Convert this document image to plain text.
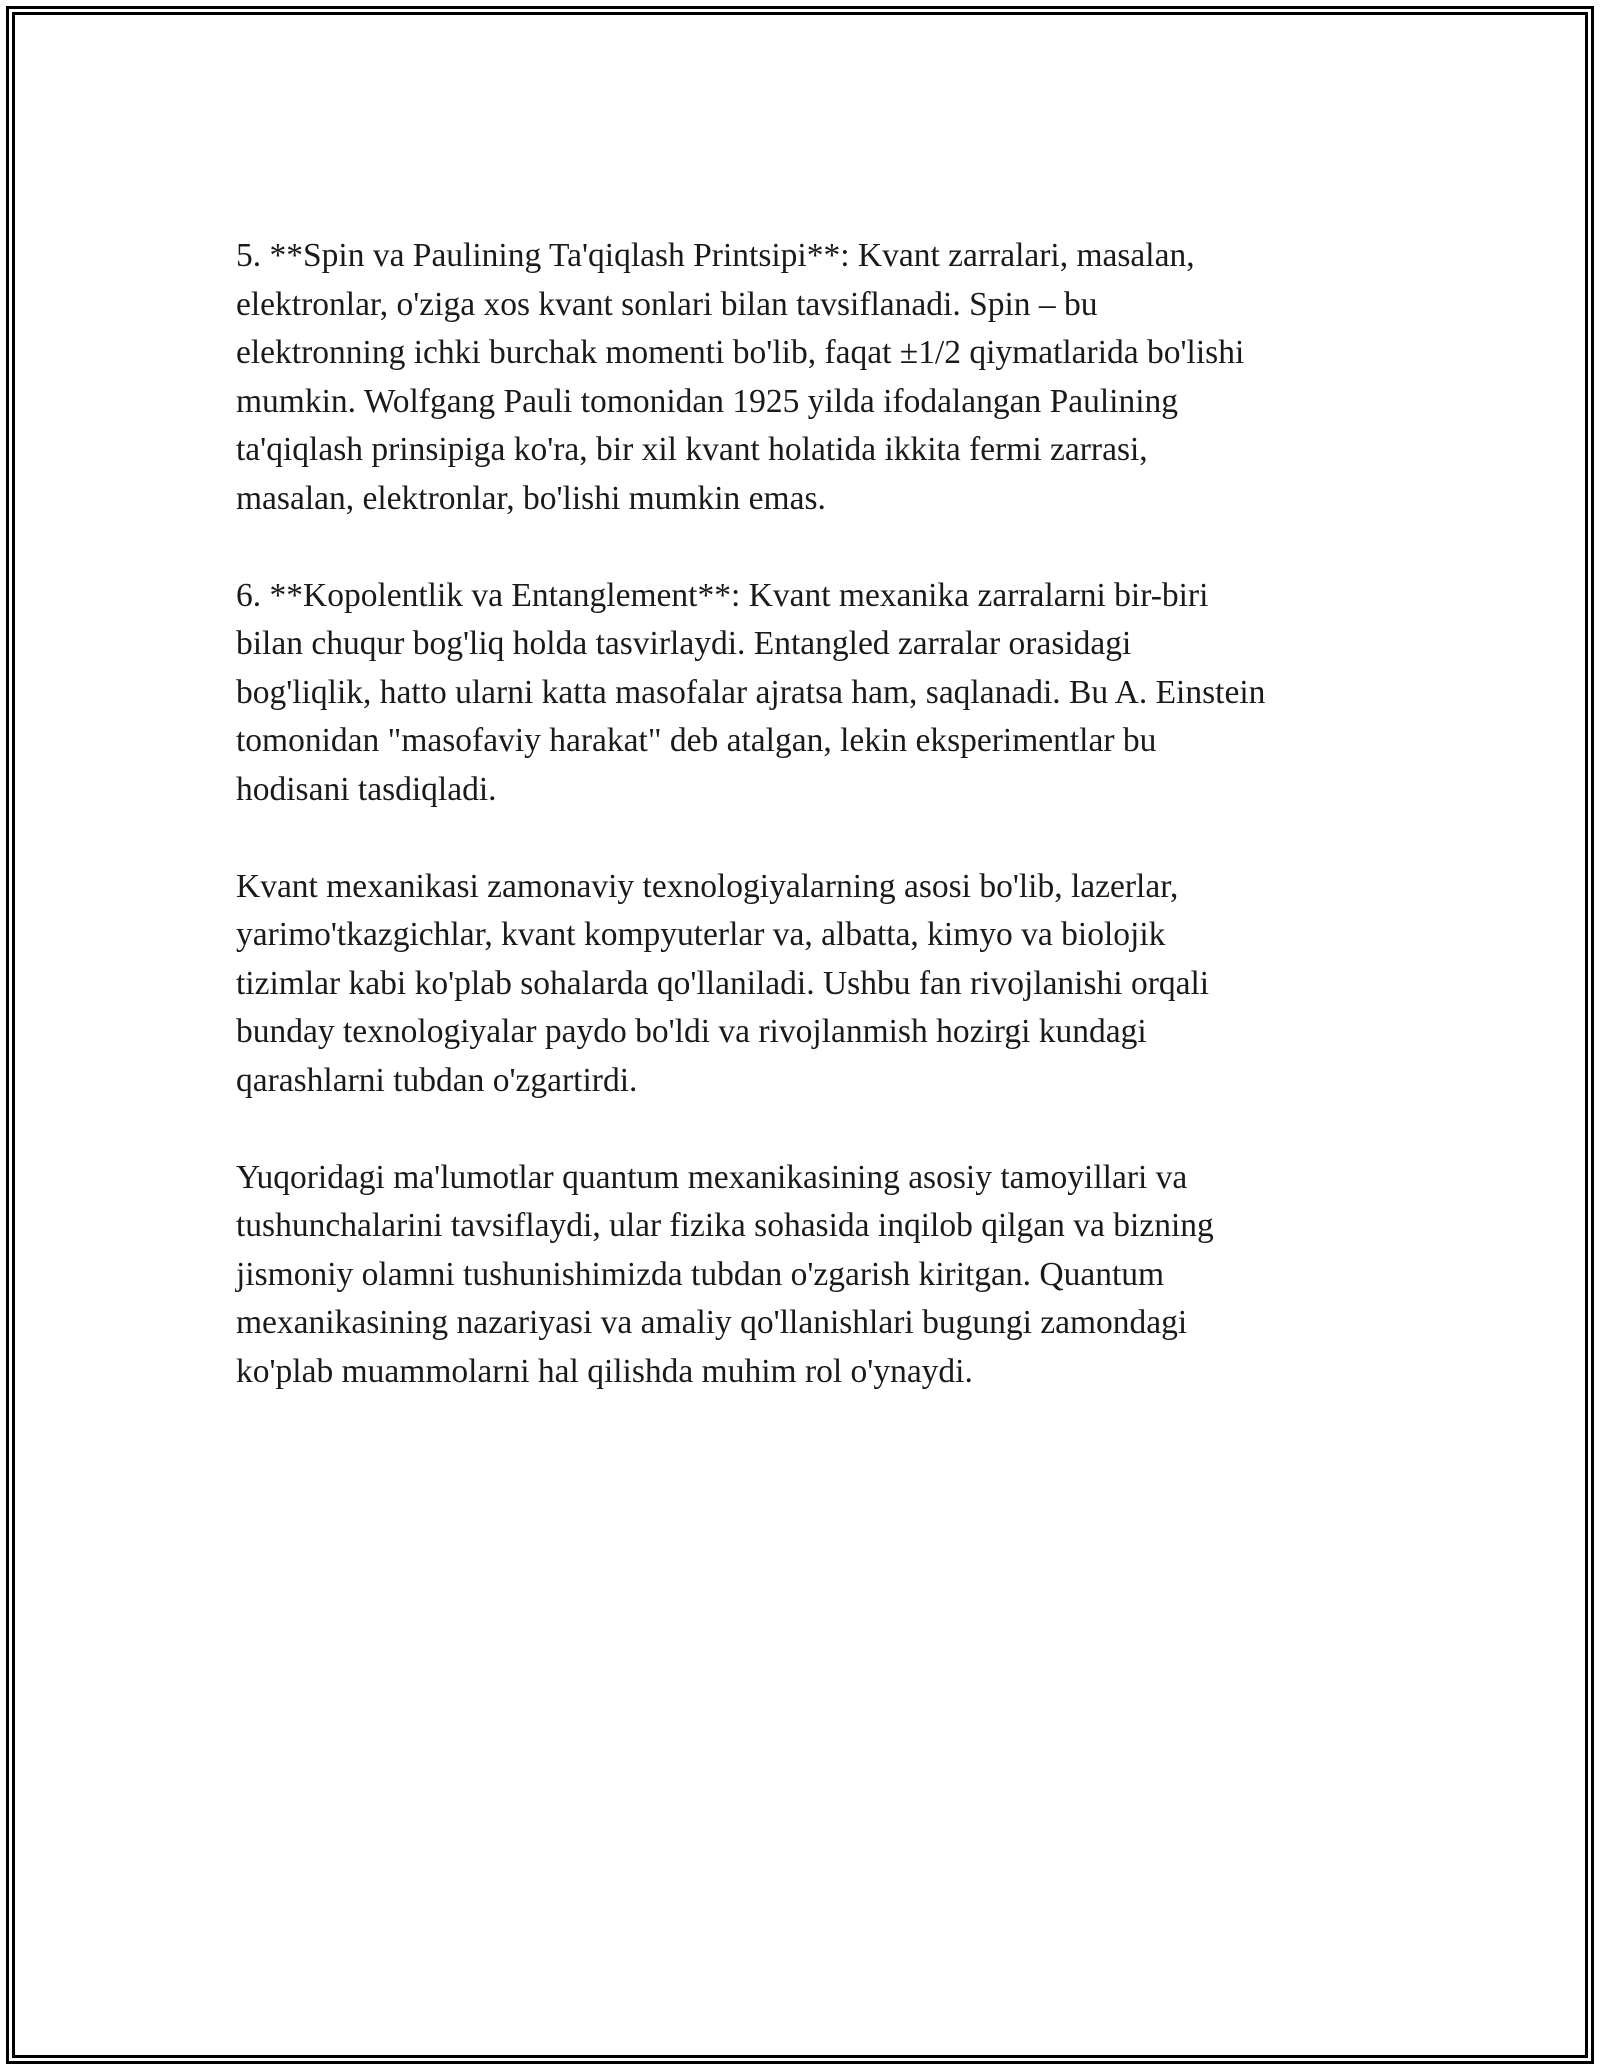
5. **Spin va Paulining Ta'qiqlash Printsipi**: Kvant zarralari, masalan,
elektronlar, o'ziga xos kvant sonlari bilan tavsiflanadi. Spin – bu
elektronning ichki burchak momenti bo'lib, faqat ±1/2 qiymatlarida bo'lishi
mumkin. Wolfgang Pauli tomonidan 1925 yilda ifodalangan Paulining
ta'qiqlash prinsipiga ko'ra, bir xil kvant holatida ikkita fermi zarrasi,
masalan, elektronlar, bo'lishi mumkin emas.

6. **Kopolentlik va Entanglement**: Kvant mexanika zarralarni bir-biri
bilan chuqur bog'liq holda tasvirlaydi. Entangled zarralar orasidagi
bog'liqlik, hatto ularni katta masofalar ajratsa ham, saqlanadi. Bu A. Einstein
tomonidan "masofaviy harakat" deb atalgan, lekin eksperimentlar bu
hodisani tasdiqladi.

Kvant mexanikasi zamonaviy texnologiyalarning asosi bo'lib, lazerlar,
yarimo'tkazgichlar, kvant kompyuterlar va, albatta, kimyo va biolojik
tizimlar kabi ko'plab sohalarda qo'llaniladi. Ushbu fan rivojlanishi orqali
bunday texnologiyalar paydo bo'ldi va rivojlanmish hozirgi kundagi
qarashlarni tubdan o'zgartirdi.

Yuqoridagi ma'lumotlar quantum mexanikasining asosiy tamoyillari va
tushunchalarini tavsiflaydi, ular fizika sohasida inqilob qilgan va bizning
jismoniy olamni tushunishimizda tubdan o'zgarish kiritgan. Quantum
mexanikasining nazariyasi va amaliy qo'llanishlari bugungi zamondagi
ko'plab muammolarni hal qilishda muhim rol o'ynaydi.
